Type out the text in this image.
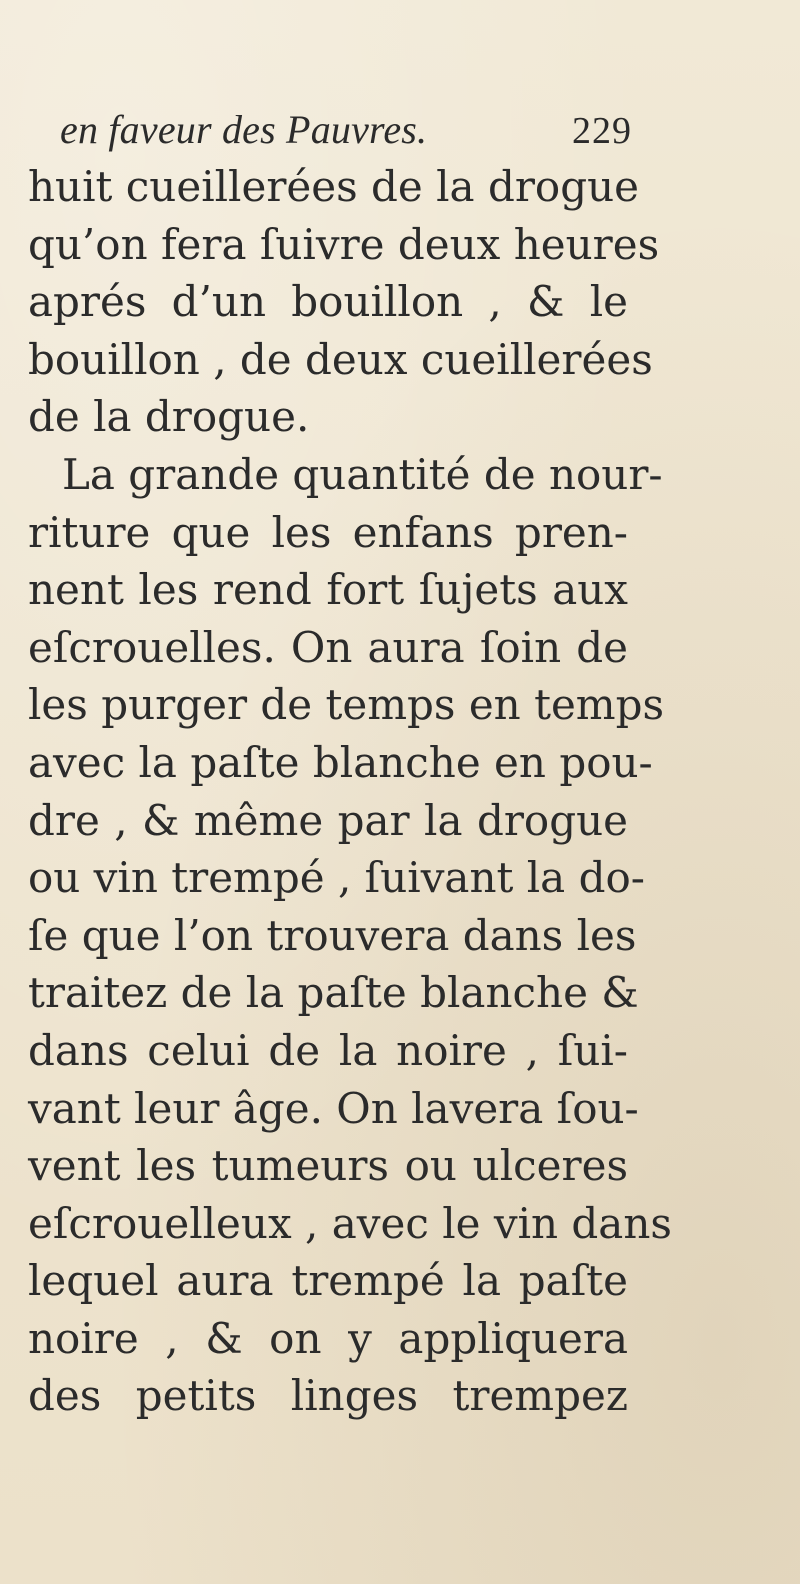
en faveur des Pauvres.	229
huit cueillerées de la drogue
qu’on fera ſuivre deux heures
aprés d’un bouillon , & le
bouillon , de deux cueillerées
de la drogue.
La grande quantité de nour-
riture que les enfans pren-
nent les rend fort ſujets aux
eſcrouelles. On aura ſoin de
les purger de temps en temps
avec la paſte blanche en pou-
dre , & même par la drogue
ou vin trempé , ſuivant la do-
ſe que l’on trouvera dans les
traitez de la paſte blanche &
dans celui de la noire , ſui-
vant leur âge. On lavera ſou-
vent les tumeurs ou ulceres
eſcrouelleux , avec le vin dans
lequel aura trempé la paſte
noire , & on y appliquera
des petits linges trempez
